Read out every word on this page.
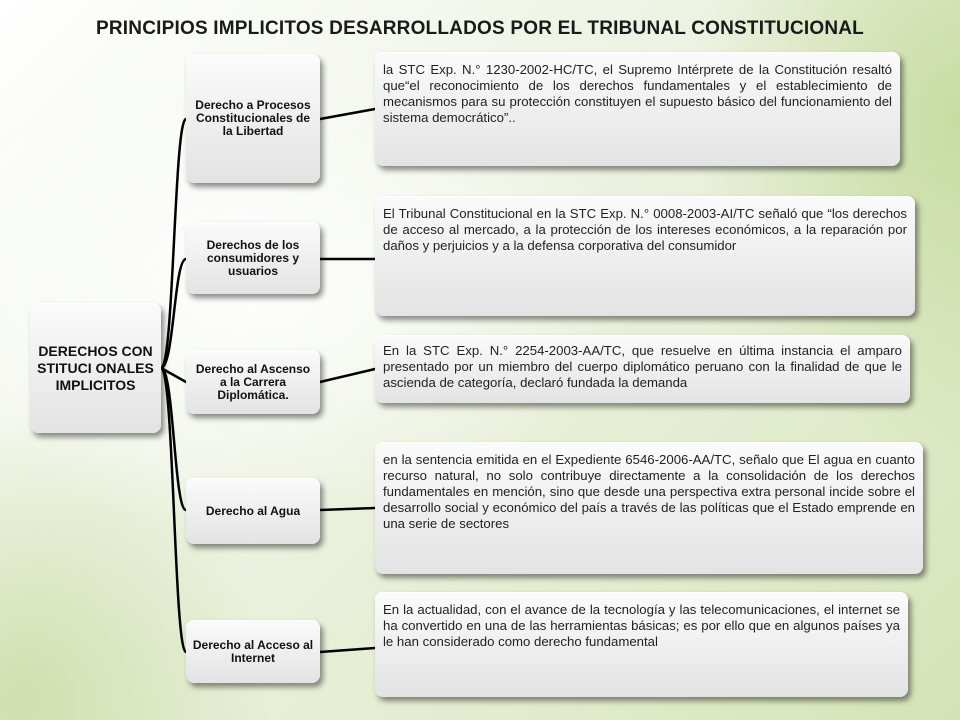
PRINCIPIOS IMPLICITOS DESARROLLADOS POR EL TRIBUNAL CONSTITUCIONAL
DERECHOS CONSTITUCI ONALES IMPLICITOS
Derecho a Procesos Constitucionales de la Libertad
Derechos de los consumidores y usuarios
Derecho al Ascenso a la Carrera Diplomática.
Derecho al Agua
Derecho al Acceso al Internet
la STC Exp. N.° 1230-2002-HC/TC, el Supremo Intérprete de la Constitución resaltó que“el reconocimiento de los derechos fundamentales y el establecimiento de mecanismos para su protección constituyen el supuesto básico del funcionamiento del sistema democrático”..
El Tribunal Constitucional en la STC Exp. N.° 0008-2003-AI/TC señaló que “los derechos de acceso al mercado, a la protección de los intereses económicos, a la reparación por daños y perjuicios y a la defensa corporativa del consumidor
En la STC Exp. N.° 2254-2003-AA/TC, que resuelve en última instancia el amparo presentado por un miembro del cuerpo diplomático peruano con la finalidad de que le ascienda de categoría, declaró fundada la demanda
en la sentencia emitida en el Expediente 6546-2006-AA/TC, señalo que El agua en cuanto recurso natural, no solo contribuye directamente a la consolidación de los derechos fundamentales en mención, sino que desde una perspectiva extra personal incide sobre el desarrollo social y económico del país a través de las políticas que el Estado emprende en una serie de sectores
En la actualidad, con el avance de la tecnología y las telecomunicaciones, el internet se ha convertido en una de las herramientas básicas; es por ello que en algunos países ya le han considerado como derecho fundamental
